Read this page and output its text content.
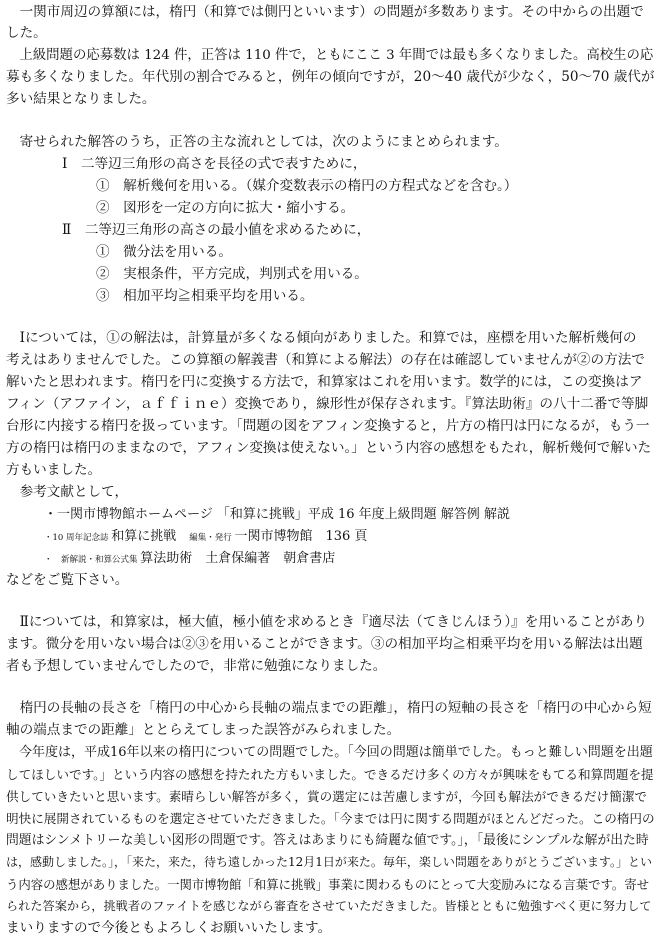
　一関市周辺の算額には，楕円（和算では側円といいます）の問題が多数あります。その中からの出題で
した。
　上級問題の応募数は 124 件，正答は 110 件で，ともにここ 3 年間では最も多くなりました。高校生の応
募も多くなりました。年代別の割合でみると，例年の傾向ですが，20～40 歳代が少なく，50～70 歳代が
多い結果となりました。
　寄せられた解答のうち，正答の主な流れとしては，次のようにまとめられます。
Ⅰ　二等辺三角形の高さを長径の式で表すために，
①　解析幾何を用いる。（媒介変数表示の楕円の方程式などを含む。）
②　図形を一定の方向に拡大・縮小する。
Ⅱ　二等辺三角形の高さの最小値を求めるために，
①　微分法を用いる。
②　実根条件，平方完成，判別式を用いる。
③　相加平均≧相乗平均を用いる。
　Ⅰについては，①の解法は，計算量が多くなる傾向がありました。和算では，座標を用いた解析幾何の
考えはありませんでした。この算額の解義書（和算による解法）の存在は確認していませんが②の方法で
解いたと思われます。楕円を円に変換する方法で，和算家はこれを用います。数学的には，この変換はア
フィン（アファイン，ａｆｆｉｎｅ）変換であり，線形性が保存されます。『算法助術』の八十二番で等脚
台形に内接する楕円を扱っています。「問題の図をアフィン変換すると，片方の楕円は円になるが，もう一
方の楕円は楕円のままなので，アフィン変換は使えない。」という内容の感想をもたれ，解析幾何で解いた
方もいました。
　参考文献として，
・一関市博物館ホームページ 「和算に挑戦」平成 16 年度上級問題 解答例 解説
・10 周年記念誌 和算に挑戦　編集・発行 一関市博物館　136 頁
・　新解説・和算公式集 算法助術　土倉保編著　朝倉書店
などをご覧下さい。
　Ⅱについては，和算家は，極大値，極小値を求めるとき『適尽法（てきじんほう）』を用いることがあり
ます。微分を用いない場合は②③を用いることができます。③の相加平均≧相乗平均を用いる解法は出題
者も予想していませんでしたので，非常に勉強になりました。
　楕円の長軸の長さを「楕円の中心から長軸の端点までの距離」，楕円の短軸の長さを「楕円の中心から短
軸の端点までの距離」ととらえてしまった誤答がみられました。
　今年度は，平成16年以来の楕円についての問題でした。「今回の問題は簡単でした。もっと難しい問題を出題
してほしいです。」という内容の感想を持たれた方もいました。できるだけ多くの方々が興味をもてる和算問題を提
供していきたいと思います。素晴らしい解答が多く，賞の選定には苦慮しますが，今回も解法ができるだけ簡潔で
明快に展開されているものを選定させていただきました。「今までは円に関する問題がほとんどだった。この楕円の
問題はシンメトリーな美しい図形の問題です。答えはあまりにも綺麗な値です。」，「最後にシンプルな解が出た時
は，感動しました。」，「来た，来た，待ち遠しかった12月1日が来た。毎年，楽しい問題をありがとうございます。」とい
う内容の感想がありました。一関市博物館「和算に挑戦」事業に関わるものにとって大変励みになる言葉です。寄せ
られた答案から，挑戦者のファイトを感じながら審査をさせていただきました。皆様とともに勉強すべく更に努力して
まいりますので今後ともよろしくお願いいたします。
